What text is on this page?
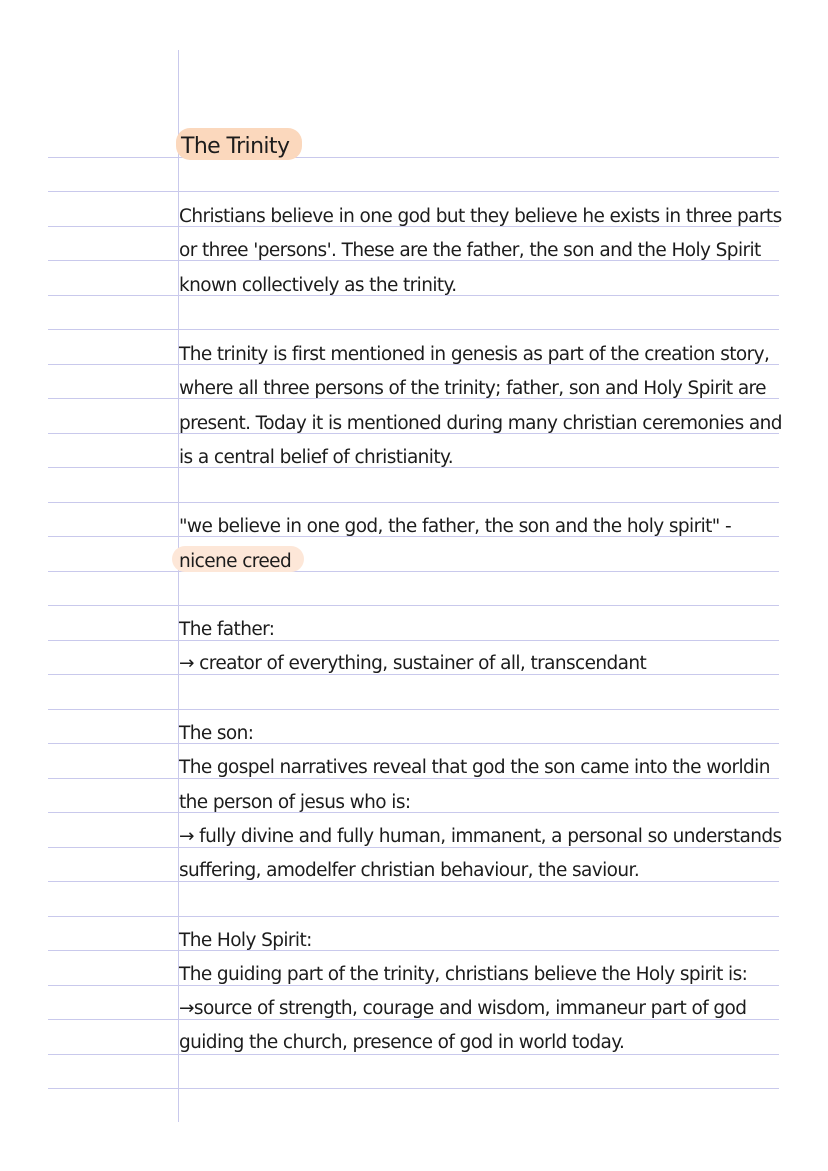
The Trinity
Christians believe in one god but they believe he exists in three parts
or three 'persons'. These are the father, the son and the Holy Spirit
known collectively as the trinity.
The trinity is first mentioned in genesis as part of the creation story,
where all three persons of the trinity; father, son and Holy Spirit are
present. Today it is mentioned during many christian ceremonies and
is a central belief of christianity.
"we believe in one god, the father, the son and the holy spirit" -
nicene creed
The father:
→ creator of everything, sustainer of all, transcendant
The son:
The gospel narratives reveal that god the son came into the worldin
the person of jesus who is:
→ fully divine and fully human, immanent, a personal so understands
suffering, amodelfer christian behaviour, the saviour.
The Holy Spirit:
The guiding part of the trinity, christians believe the Holy spirit is:
→source of strength, courage and wisdom, immaneur part of god
guiding the church, presence of god in world today.
